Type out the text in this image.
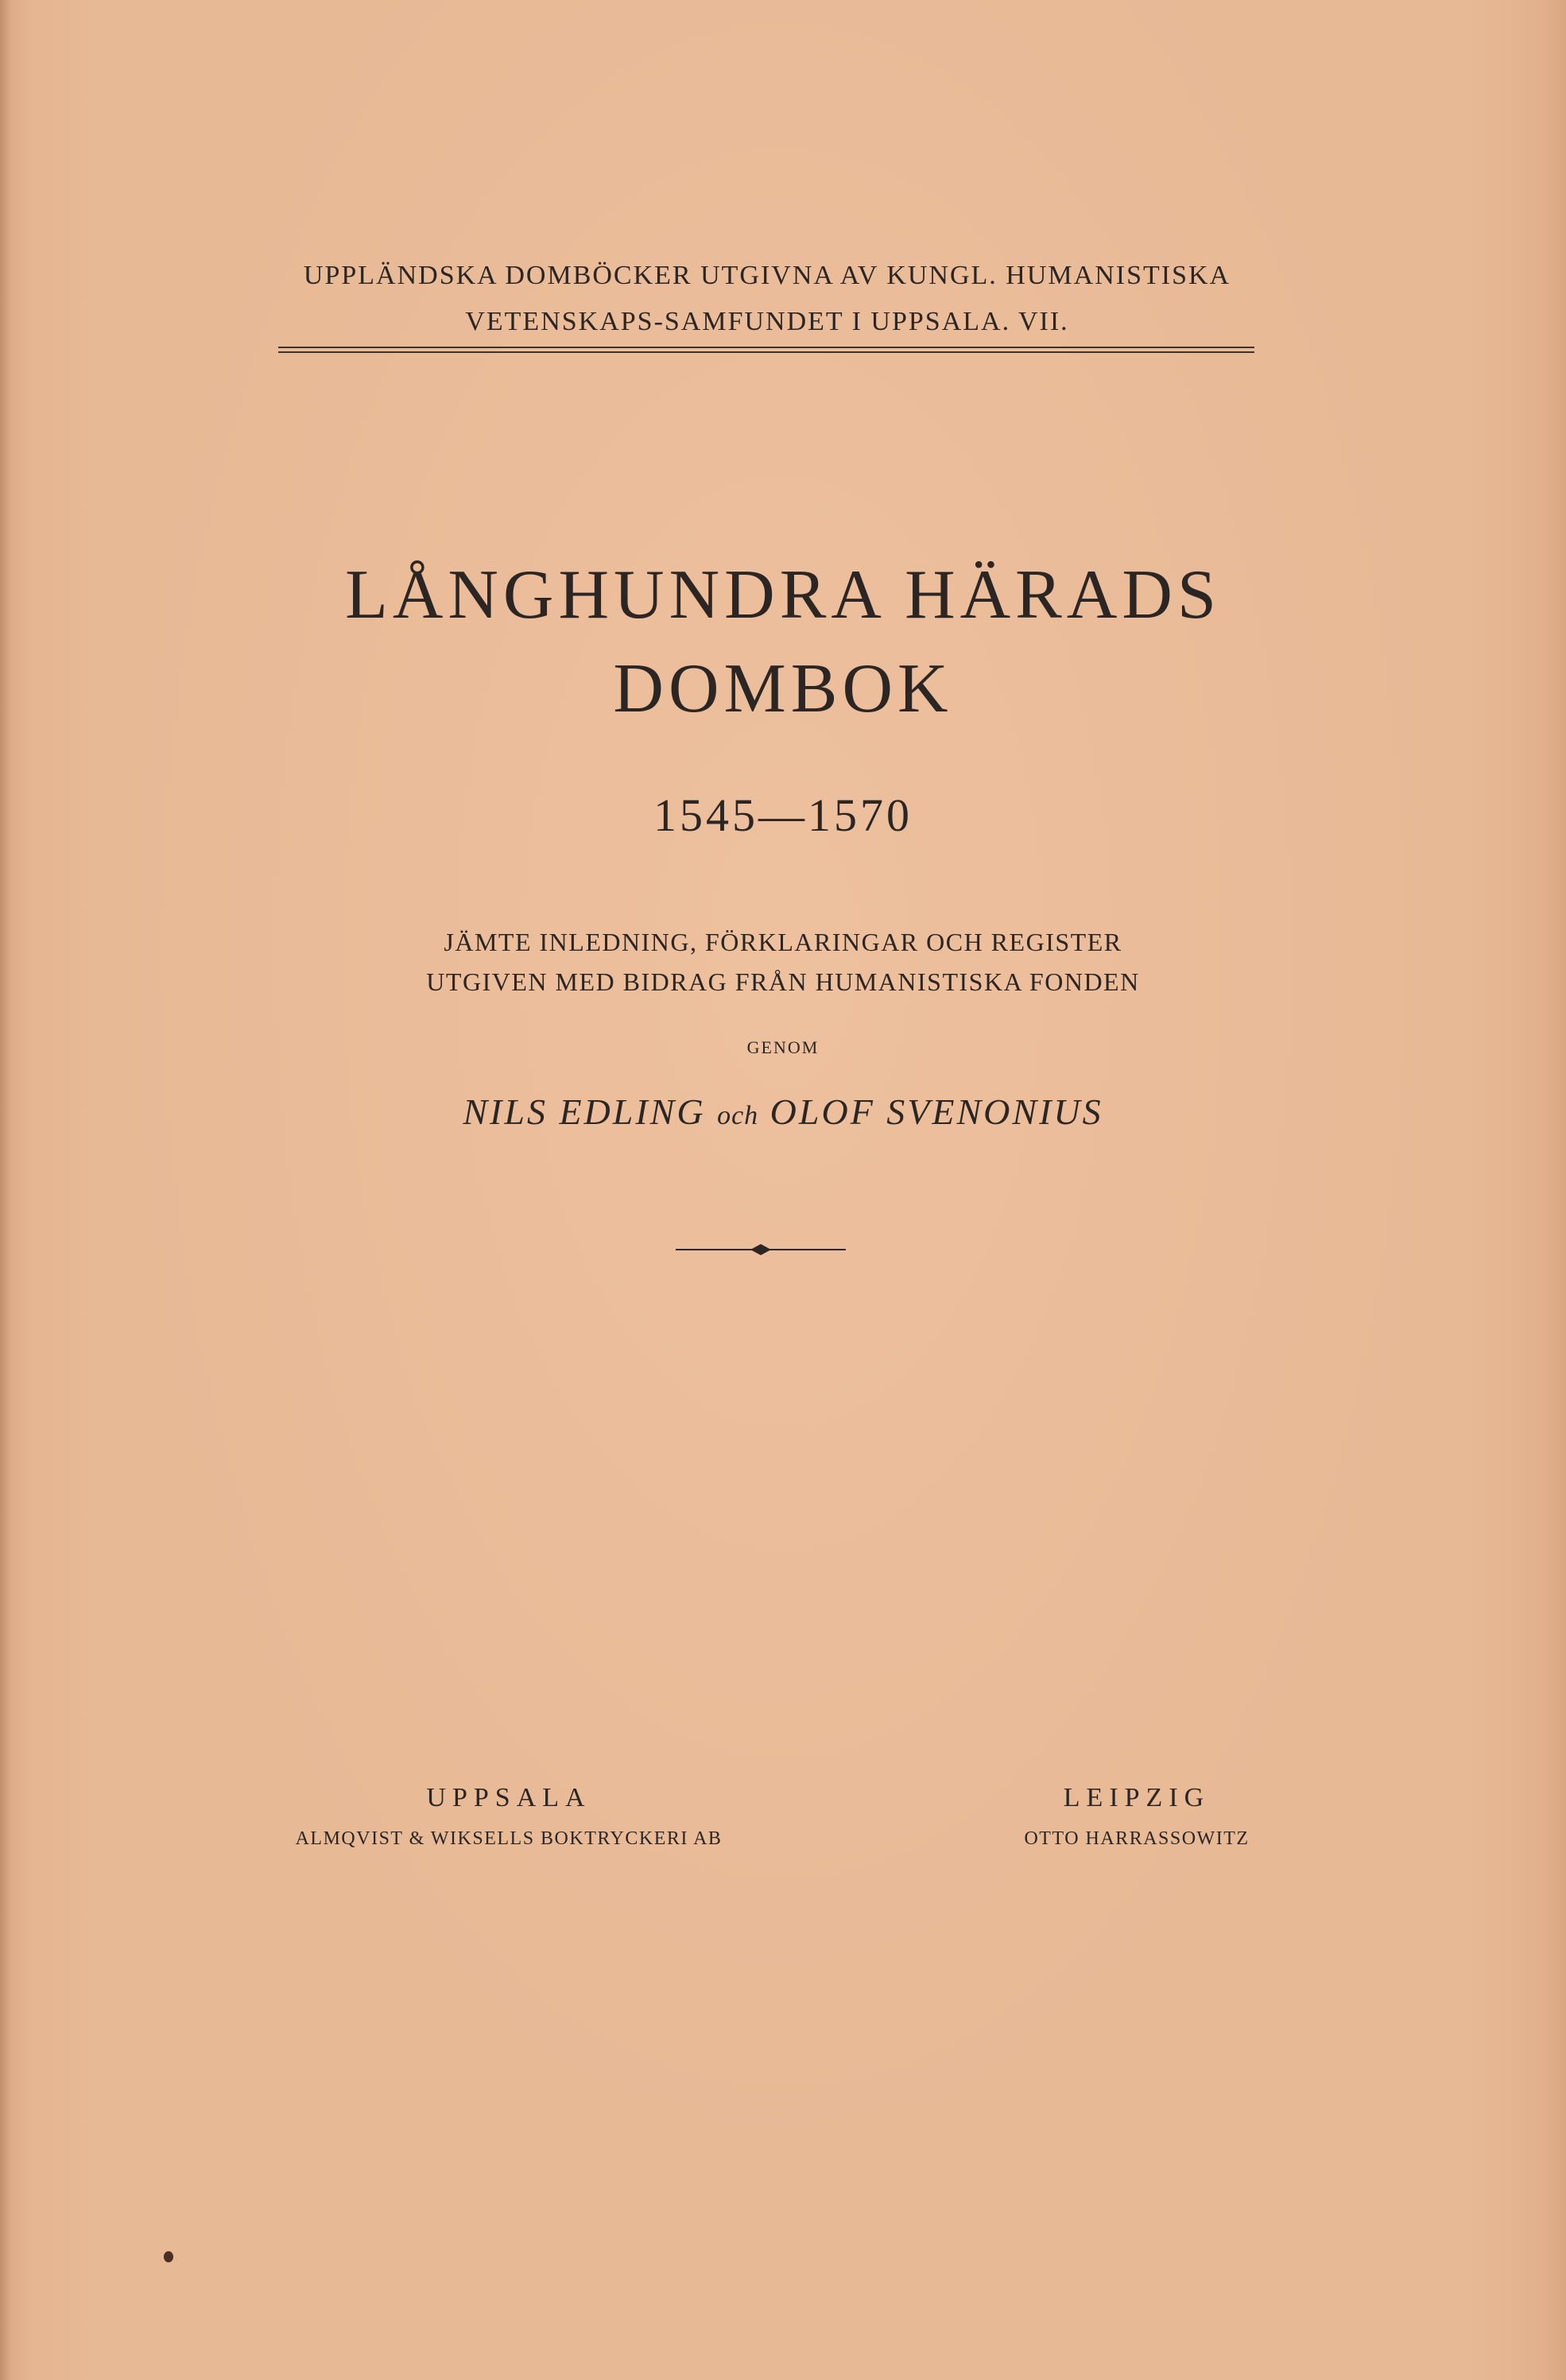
UPPLÄNDSKA DOMBÖCKER UTGIVNA AV KUNGL. HUMANISTISKA
VETENSKAPS-SAMFUNDET I UPPSALA. VII.
LÅNGHUNDRA HÄRADS
DOMBOK
1545—1570
JÄMTE INLEDNING, FÖRKLARINGAR OCH REGISTER
UTGIVEN MED BIDRAG FRÅN HUMANISTISKA FONDEN
GENOM
NILS EDLING och OLOF SVENONIUS
UPPSALA
ALMQVIST & WIKSELLS BOKTRYCKERI AB
LEIPZIG
OTTO HARRASSOWITZ
